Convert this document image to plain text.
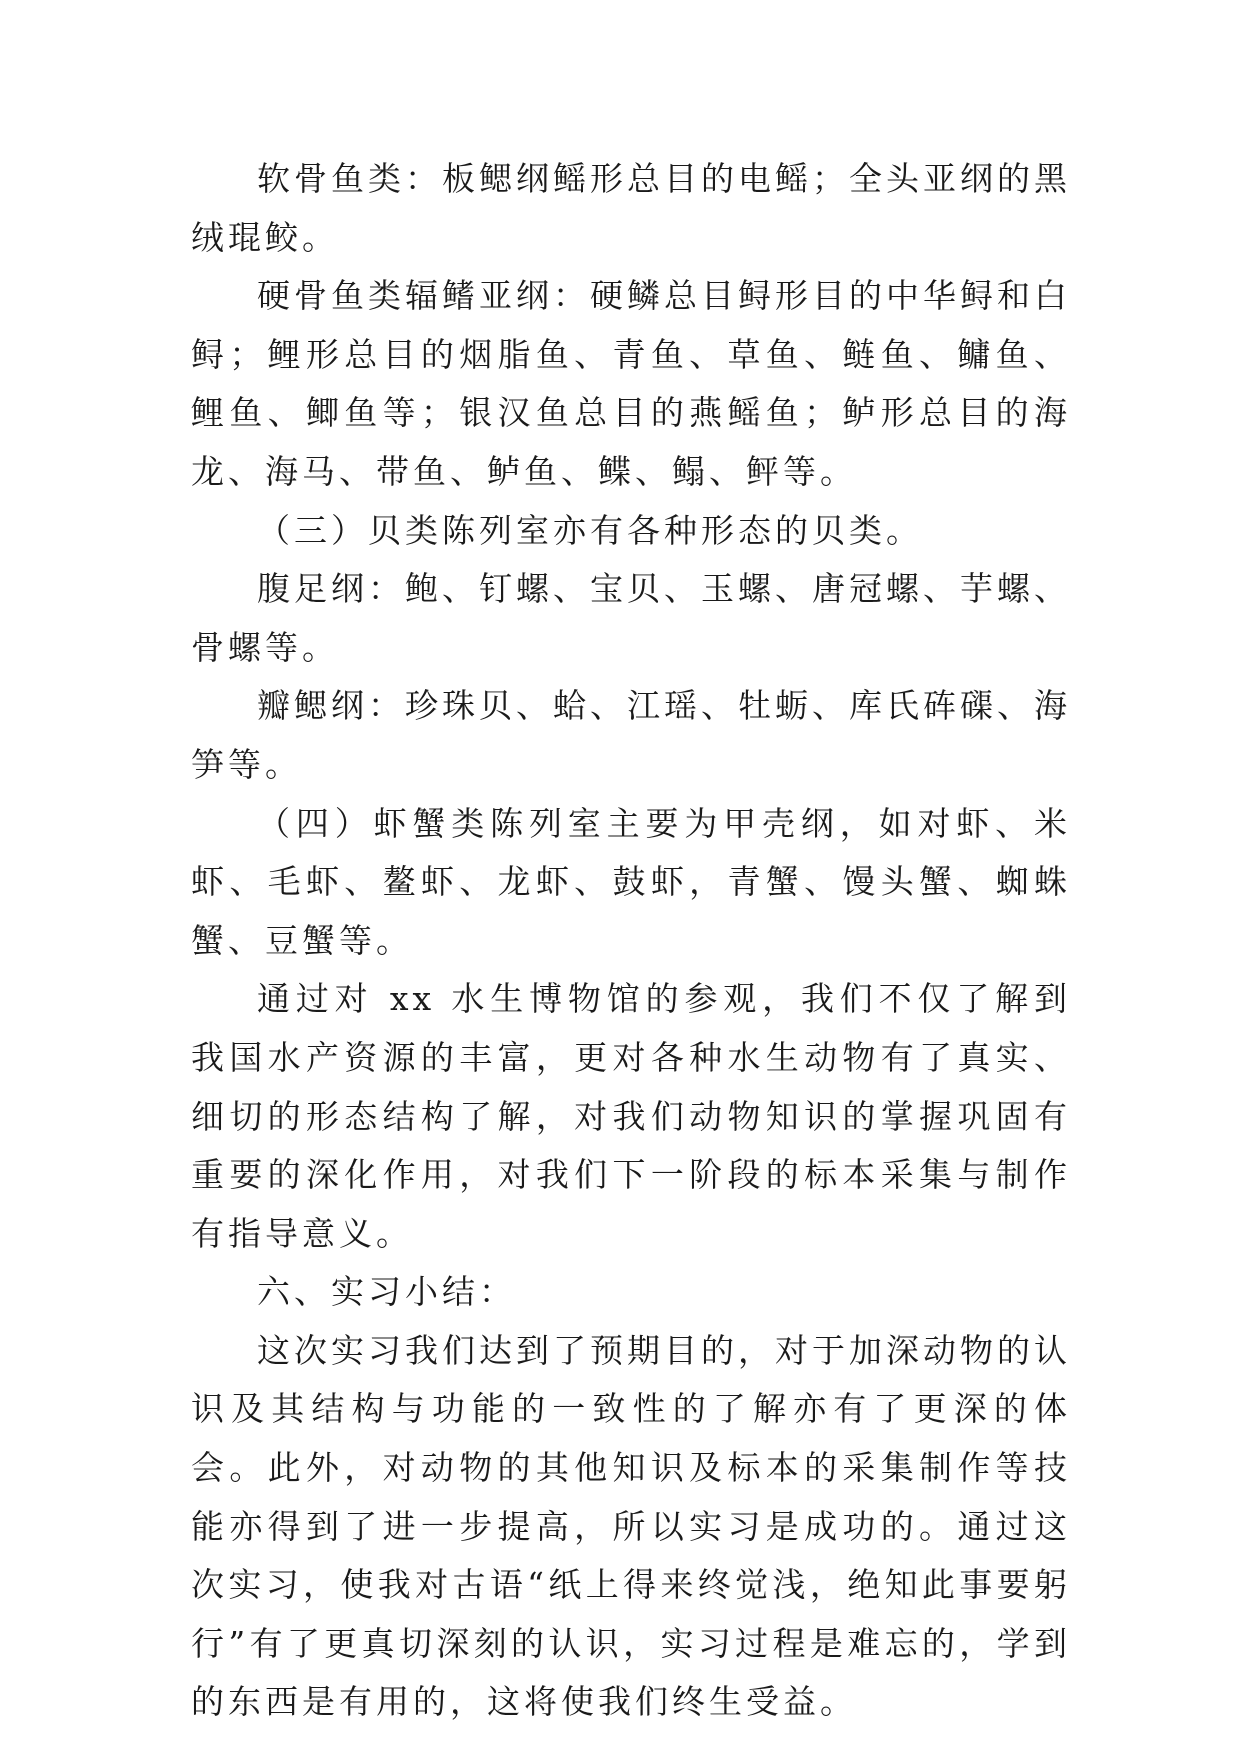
软骨鱼类：板鳃纲鳐形总目的电鳐；全头亚纲的黑绒琨鲛。

硬骨鱼类辐鳍亚纲：硬鳞总目鲟形目的中华鲟和白鲟；鲤形总目的烟脂鱼、青鱼、草鱼、鲢鱼、鳙鱼、鲤鱼、鲫鱼等；银汉鱼总目的燕鳐鱼；鲈形总目的海龙、海马、带鱼、鲈鱼、鲽、鳎、鲆等。

（三）贝类陈列室亦有各种形态的贝类。

腹足纲：鲍、钉螺、宝贝、玉螺、唐冠螺、芋螺、骨螺等。

瓣鳃纲：珍珠贝、蛤、江瑶、牡蛎、库氏砗磲、海笋等。

（四）虾蟹类陈列室主要为甲壳纲，如对虾、米虾、毛虾、鳌虾、龙虾、鼓虾，青蟹、馒头蟹、蜘蛛蟹、豆蟹等。

通过对 xx 水生博物馆的参观，我们不仅了解到我国水产资源的丰富，更对各种水生动物有了真实、细切的形态结构了解，对我们动物知识的掌握巩固有重要的深化作用，对我们下一阶段的标本采集与制作有指导意义。

六、实习小结：

这次实习我们达到了预期目的，对于加深动物的认识及其结构与功能的一致性的了解亦有了更深的体会。此外，对动物的其他知识及标本的采集制作等技能亦得到了进一步提高，所以实习是成功的。通过这次实习，使我对古语“纸上得来终觉浅，绝知此事要躬行”有了更真切深刻的认识，实习过程是难忘的，学到的东西是有用的，这将使我们终生受益。
